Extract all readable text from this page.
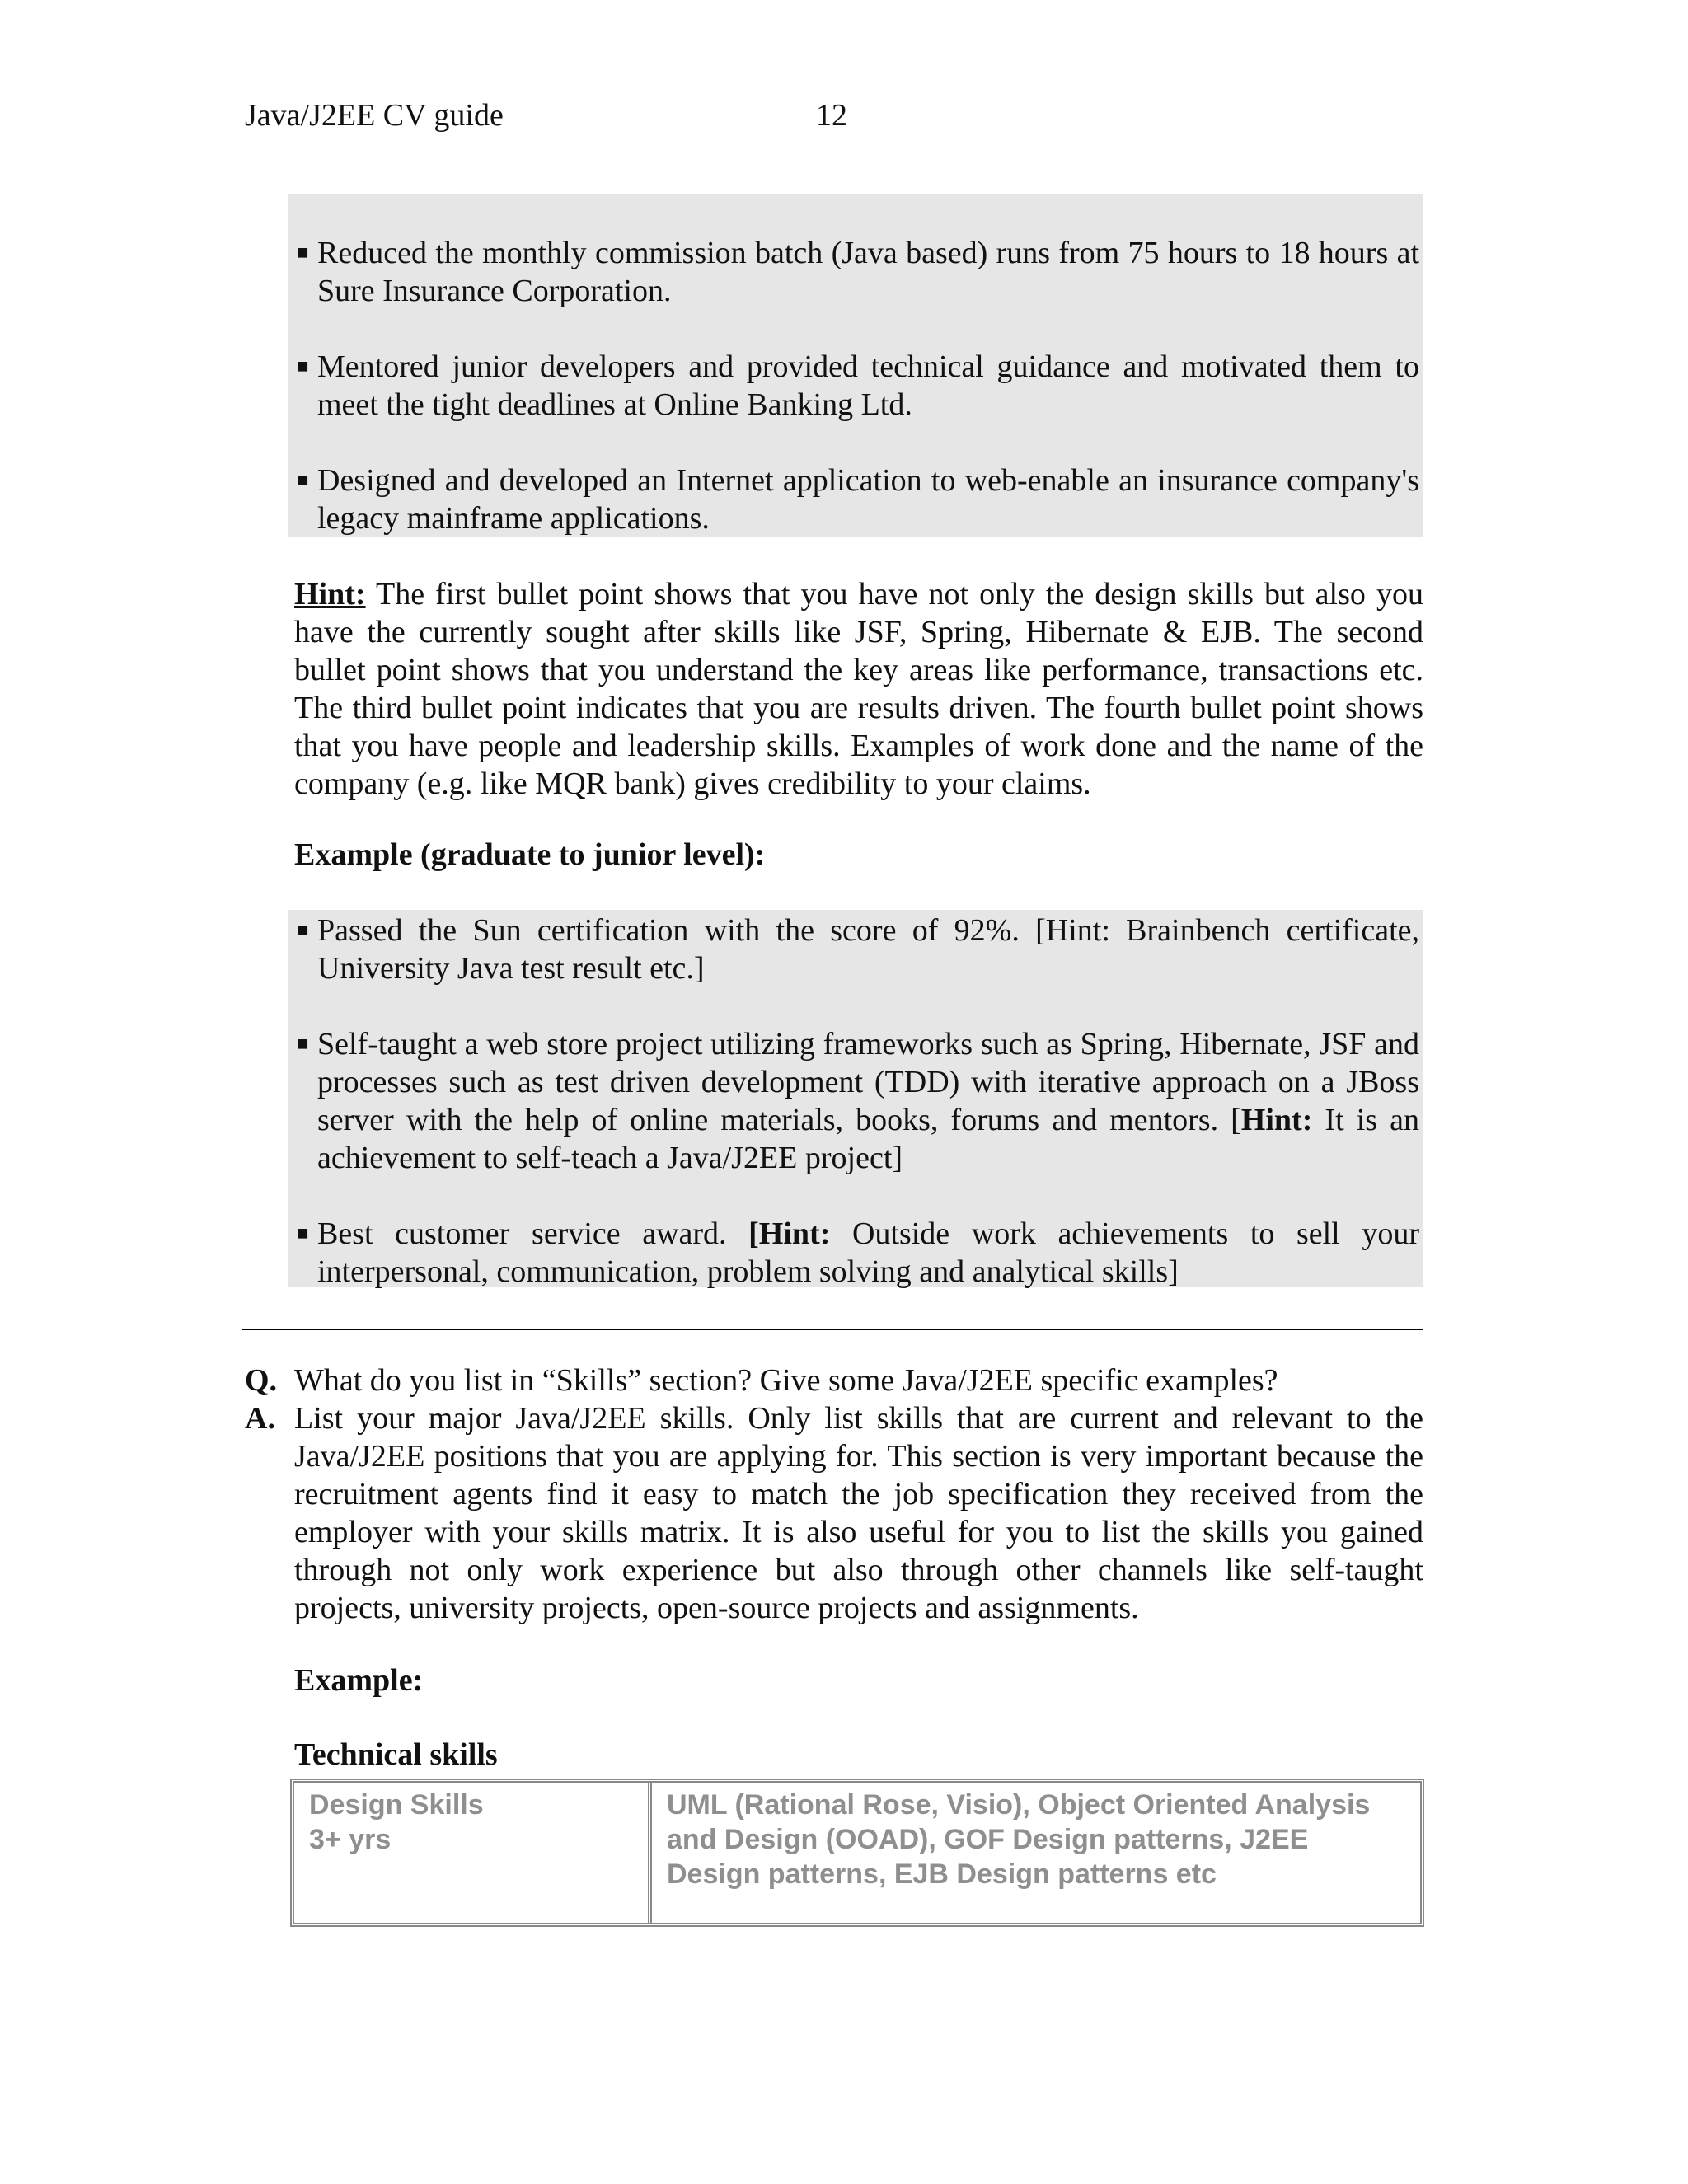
Java/J2EE CV guide	12
■ Reduced the monthly commission batch (Java based) runs from 75 hours to 18 hours at Sure Insurance Corporation.
■ Mentored junior developers and provided technical guidance and motivated them to meet the tight deadlines at Online Banking Ltd.
■ Designed and developed an Internet application to web-enable an insurance company's legacy mainframe applications.
Hint: The first bullet point shows that you have not only the design skills but also you have the currently sought after skills like JSF, Spring, Hibernate & EJB. The second bullet point shows that you understand the key areas like performance, transactions etc. The third bullet point indicates that you are results driven. The fourth bullet point shows that you have people and leadership skills. Examples of work done and the name of the company (e.g. like MQR bank) gives credibility to your claims.
Example (graduate to junior level):
■ Passed the Sun certification with the score of 92%. [Hint: Brainbench certificate, University Java test result etc.]
■ Self-taught a web store project utilizing frameworks such as Spring, Hibernate, JSF and processes such as test driven development (TDD) with iterative approach on a JBoss server with the help of online materials, books, forums and mentors. [Hint: It is an achievement to self-teach a Java/J2EE project]
■ Best customer service award. [Hint: Outside work achievements to sell your interpersonal, communication, problem solving and analytical skills]
Q. What do you list in “Skills” section? Give some Java/J2EE specific examples?
A. List your major Java/J2EE skills. Only list skills that are current and relevant to the Java/J2EE positions that you are applying for. This section is very important because the recruitment agents find it easy to match the job specification they received from the employer with your skills matrix. It is also useful for you to list the skills you gained through not only work experience but also through other channels like self-taught projects, university projects, open-source projects and assignments.
Example:
Technical skills
Design Skills
3+ yrs
UML (Rational Rose, Visio), Object Oriented Analysis and Design (OOAD), GOF Design patterns, J2EE Design patterns, EJB Design patterns etc
